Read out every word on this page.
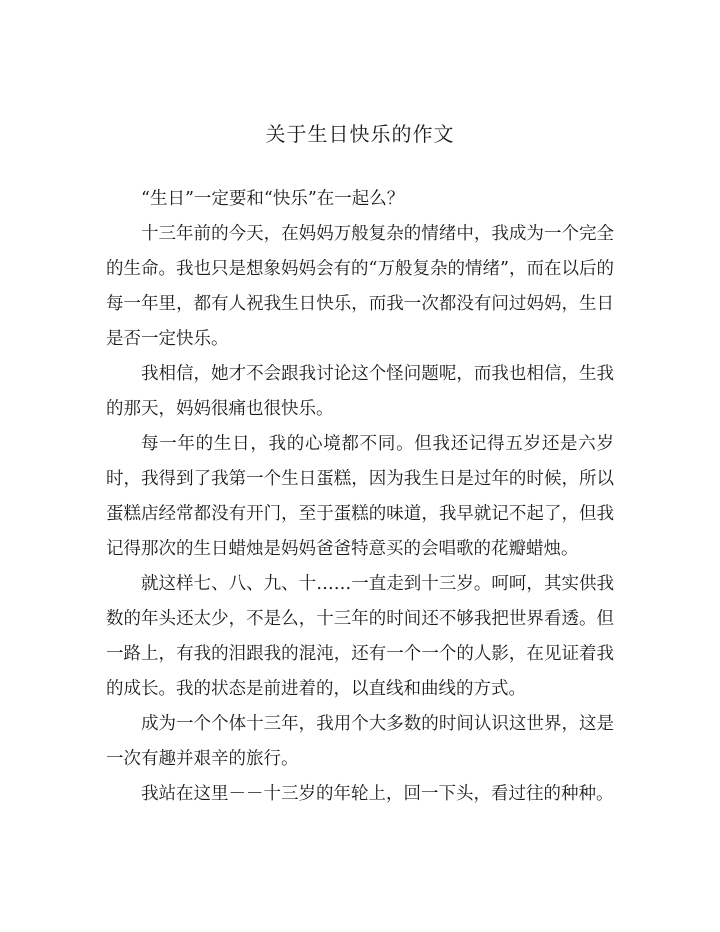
关于生日快乐的作文

“生日”一定要和“快乐”在一起么？

十三年前的今天，在妈妈万般复杂的情绪中，我成为一个完全的生命。我也只是想象妈妈会有的“万般复杂的情绪”，而在以后的每一年里，都有人祝我生日快乐，而我一次都没有问过妈妈，生日是否一定快乐。

我相信，她才不会跟我讨论这个怪问题呢，而我也相信，生我的那天，妈妈很痛也很快乐。

每一年的生日，我的心境都不同。但我还记得五岁还是六岁时，我得到了我第一个生日蛋糕，因为我生日是过年的时候，所以蛋糕店经常都没有开门，至于蛋糕的味道，我早就记不起了，但我记得那次的生日蜡烛是妈妈爸爸特意买的会唱歌的花瓣蜡烛。

就这样七、八、九、十……一直走到十三岁。呵呵，其实供我数的年头还太少，不是么，十三年的时间还不够我把世界看透。但一路上，有我的泪跟我的混沌，还有一个一个的人影，在见证着我的成长。我的状态是前进着的，以直线和曲线的方式。

成为一个个体十三年，我用个大多数的时间认识这世界，这是一次有趣并艰辛的旅行。

我站在这里－－十三岁的年轮上，回一下头，看过往的种种。
